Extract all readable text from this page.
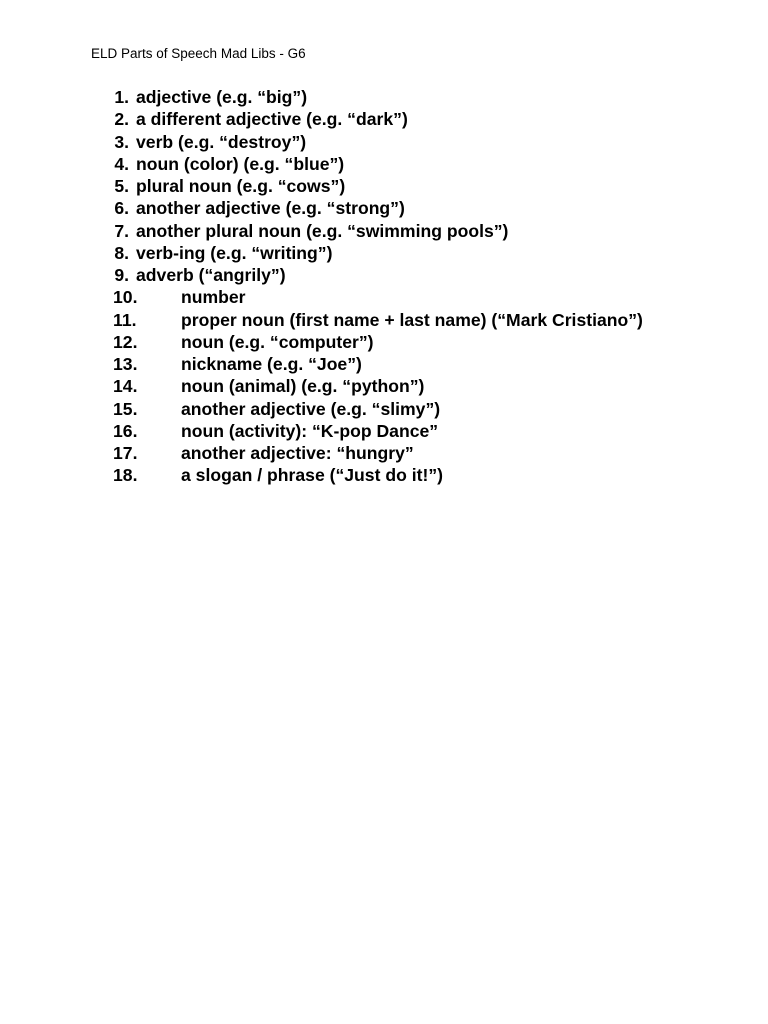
ELD Parts of Speech Mad Libs - G6
1. adjective (e.g. “big”)
2. a different adjective (e.g. “dark”)
3. verb (e.g. “destroy”)
4. noun (color) (e.g. “blue”)
5. plural noun (e.g. “cows”)
6. another adjective (e.g. “strong”)
7. another plural noun (e.g. “swimming pools”)
8. verb-ing (e.g. “writing”)
9. adverb (“angrily”)
10. number
11.	proper noun (first name + last name) (“Mark Cristiano”)
12. noun (e.g. “computer”)
13. nickname (e.g. “Joe”)
14. noun (animal) (e.g. “python”)
15. another adjective (e.g. “slimy”)
16. noun (activity): “K-pop Dance”
17. another adjective: “hungry”
18. a slogan / phrase (“Just do it!”)
